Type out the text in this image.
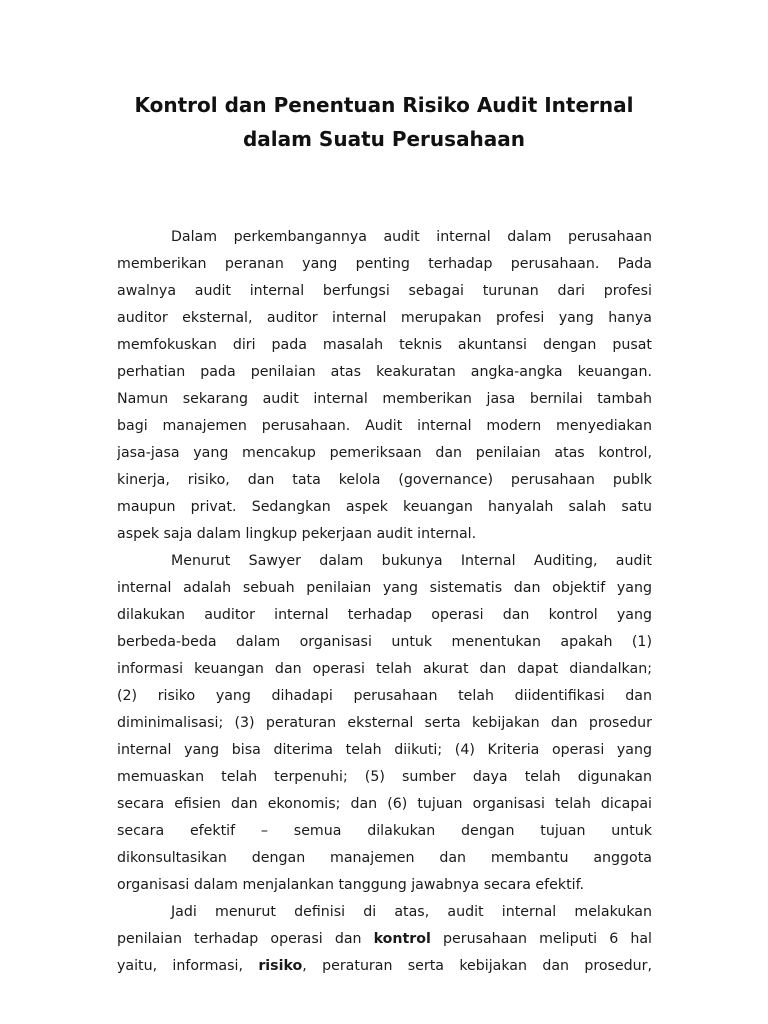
Kontrol dan Penentuan Risiko Audit Internal
dalam Suatu Perusahaan
Dalam perkembangannya audit internal dalam perusahaan
memberikan peranan yang penting terhadap perusahaan. Pada
awalnya audit internal berfungsi sebagai turunan dari profesi
auditor eksternal, auditor internal merupakan profesi yang hanya
memfokuskan diri pada masalah teknis akuntansi dengan pusat
perhatian pada penilaian atas keakuratan angka-angka keuangan.
Namun sekarang audit internal memberikan jasa bernilai tambah
bagi manajemen perusahaan. Audit internal modern menyediakan
jasa-jasa yang mencakup pemeriksaan dan penilaian atas kontrol,
kinerja, risiko, dan tata kelola (governance) perusahaan publk
maupun privat. Sedangkan aspek keuangan hanyalah salah satu
aspek saja dalam lingkup pekerjaan audit internal.
Menurut Sawyer dalam bukunya Internal Auditing, audit
internal adalah sebuah penilaian yang sistematis dan objektif yang
dilakukan auditor internal terhadap operasi dan kontrol yang
berbeda-beda dalam organisasi untuk menentukan apakah (1)
informasi keuangan dan operasi telah akurat dan dapat diandalkan;
(2) risiko yang dihadapi perusahaan telah diidentifikasi dan
diminimalisasi; (3) peraturan eksternal serta kebijakan dan prosedur
internal yang bisa diterima telah diikuti; (4) Kriteria operasi yang
memuaskan telah terpenuhi; (5) sumber daya telah digunakan
secara efisien dan ekonomis; dan (6) tujuan organisasi telah dicapai
secara efektif – semua dilakukan dengan tujuan untuk
dikonsultasikan dengan manajemen dan membantu anggota
organisasi dalam menjalankan tanggung jawabnya secara efektif.
Jadi menurut definisi di atas, audit internal melakukan
penilaian terhadap operasi dan kontrol perusahaan meliputi 6 hal
yaitu, informasi, risiko, peraturan serta kebijakan dan prosedur,
